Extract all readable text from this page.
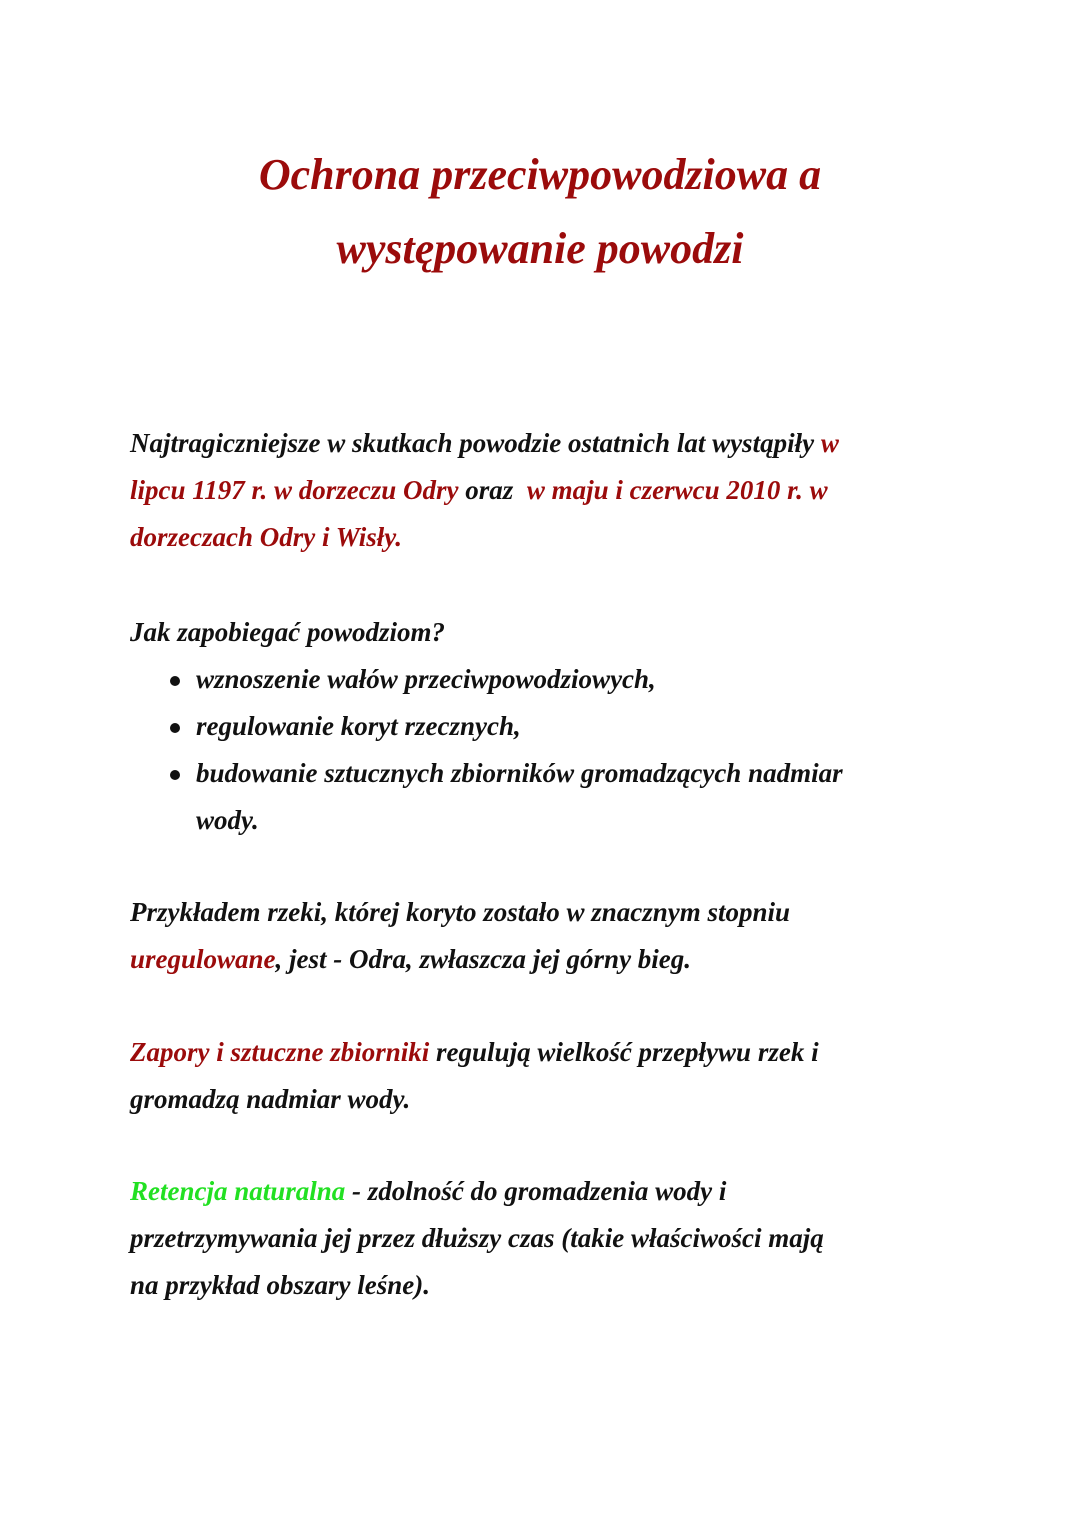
Ochrona przeciwpowodziowa a
występowanie powodzi
Najtragiczniejsze w skutkach powodzie ostatnich lat wystąpiły w
lipcu 1197 r. w dorzeczu Odry oraz  w maju i czerwcu 2010 r. w
dorzeczach Odry i Wisły.
Jak zapobiegać powodziom?
wznoszenie wałów przeciwpowodziowych,
regulowanie koryt rzecznych,
budowanie sztucznych zbiorników gromadzących nadmiar
wody.
Przykładem rzeki, której koryto zostało w znacznym stopniu
uregulowane, jest - Odra, zwłaszcza jej górny bieg.
Zapory i sztuczne zbiorniki regulują wielkość przepływu rzek i
gromadzą nadmiar wody.
Retencja naturalna - zdolność do gromadzenia wody i
przetrzymywania jej przez dłuższy czas (takie właściwości mają
na przykład obszary leśne).
